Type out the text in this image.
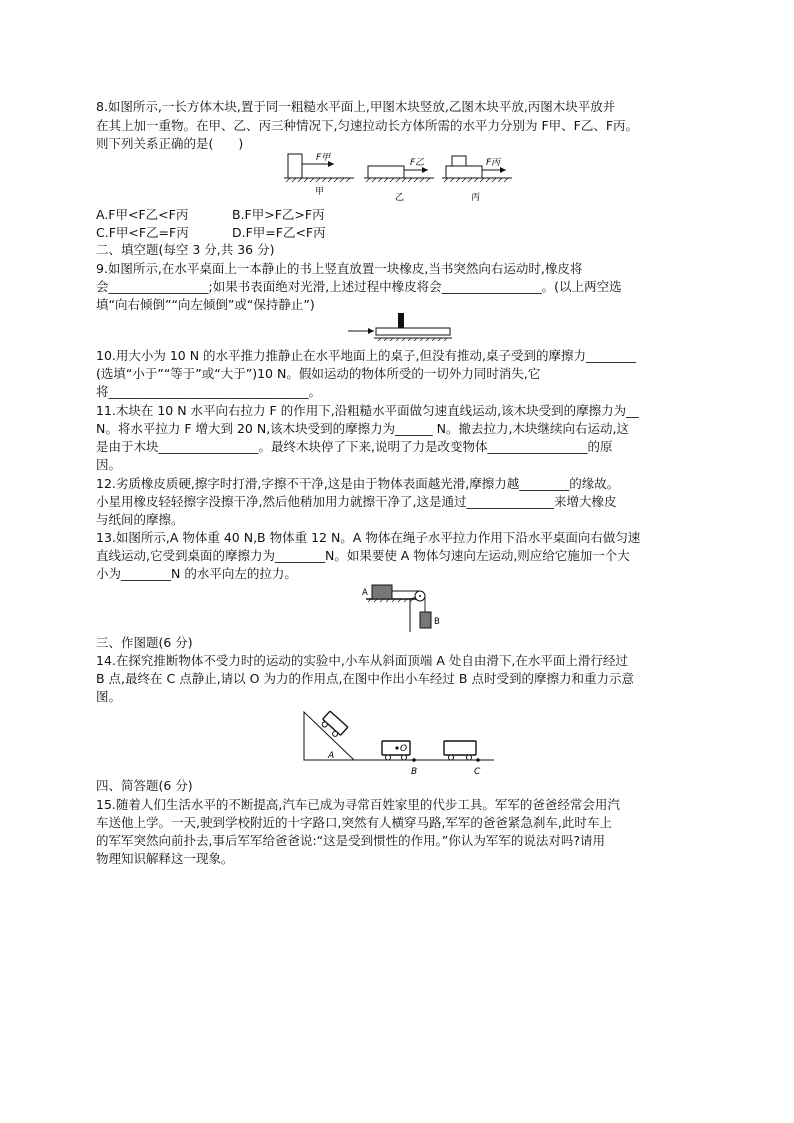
8.如图所示,一长方体木块,置于同一粗糙水平面上,甲图木块竖放,乙图木块平放,丙图木块平放并
在其上加一重物。在甲、乙、丙三种情况下,匀速拉动长方体所需的水平力分别为 F甲、F乙、F丙。
则下列关系正确的是(　　)
F甲	F乙	F丙
甲
乙	丙
A.F甲<F乙<F丙	B.F甲>F乙>F丙
C.F甲<F乙=F丙	D.F甲=F乙<F丙
二、填空题(每空 3 分,共 36 分)
9.如图所示,在水平桌面上一本静止的书上竖直放置一块橡皮,当书突然向右运动时,橡皮将
会________________;如果书表面绝对光滑,上述过程中橡皮将会________________。(以上两空选
填“向右倾倒”“向左倾倒”或“保持静止”)
10.用大小为 10 N 的水平推力推静止在水平地面上的桌子,但没有推动,桌子受到的摩擦力________
(选填“小于”“等于”或“大于”)10 N。假如运动的物体所受的一切外力同时消失,它
将________________________________。
11.木块在 10 N 水平向右拉力 F 的作用下,沿粗糙水平面做匀速直线运动,该木块受到的摩擦力为__
N。将水平拉力 F 增大到 20 N,该木块受到的摩擦力为______ N。撤去拉力,木块继续向右运动,这
是由于木块________________。最终木块停了下来,说明了力是改变物体________________的原
因。
12.劣质橡皮质硬,擦字时打滑,字擦不干净,这是由于物体表面越光滑,摩擦力越________的缘故。
小星用橡皮轻轻擦字没擦干净,然后他稍加用力就擦干净了,这是通过______________来增大橡皮
与纸间的摩擦。
13.如图所示,A 物体重 40 N,B 物体重 12 N。A 物体在绳子水平拉力作用下沿水平桌面向右做匀速
直线运动,它受到桌面的摩擦力为________N。如果要使 A 物体匀速向左运动,则应给它施加一个大
小为________N 的水平向左的拉力。
A
B
三、作图题(6 分)
14.在探究推断物体不受力时的运动的实验中,小车从斜面顶端 A 处自由滑下,在水平面上滑行经过
B 点,最终在 C 点静止,请以 O 为力的作用点,在图中作出小车经过 B 点时受到的摩擦力和重力示意
图。
A
O
B	C
四、简答题(6 分)
15.随着人们生活水平的不断提高,汽车已成为寻常百姓家里的代步工具。军军的爸爸经常会用汽
车送他上学。一天,驶到学校附近的十字路口,突然有人横穿马路,军军的爸爸紧急刹车,此时车上
的军军突然向前扑去,事后军军给爸爸说:“这是受到惯性的作用。”你认为军军的说法对吗?请用
物理知识解释这一现象。
